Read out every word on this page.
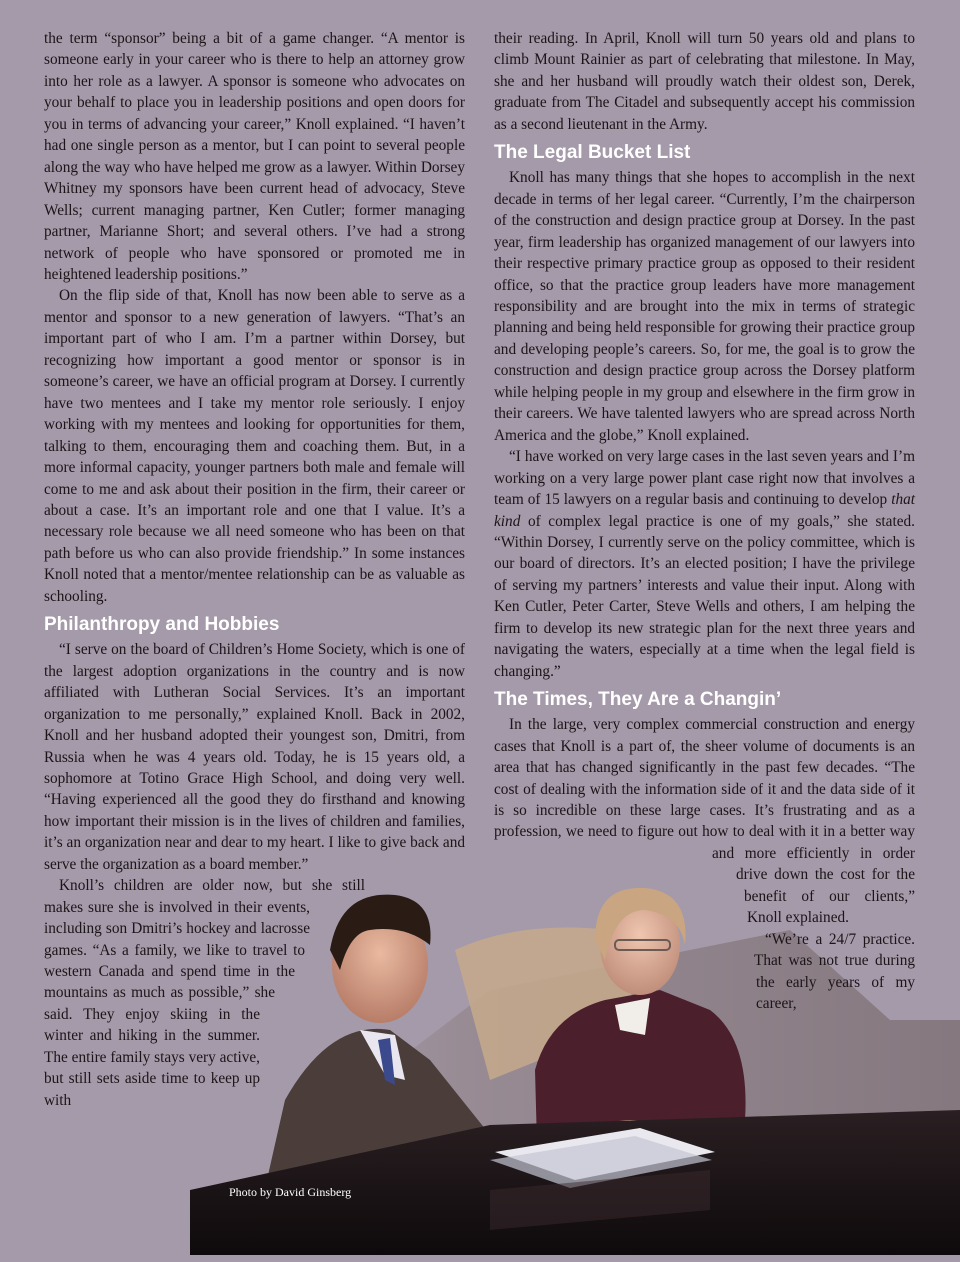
the term “sponsor” being a bit of a game changer. “A mentor is someone early in your career who is there to help an attorney grow into her role as a lawyer. A sponsor is someone who advocates on your behalf to place you in leadership positions and open doors for you in terms of advancing your career,” Knoll explained. “I haven’t had one single person as a mentor, but I can point to several people along the way who have helped me grow as a lawyer. Within Dorsey Whitney my sponsors have been current head of advocacy, Steve Wells; current managing partner, Ken Cutler; former managing partner, Marianne Short; and several others. I’ve had a strong network of people who have sponsored or promoted me in heightened leadership positions.”

On the flip side of that, Knoll has now been able to serve as a mentor and sponsor to a new generation of lawyers. “That’s an important part of who I am. I’m a partner within Dorsey, but recognizing how important a good mentor or sponsor is in someone’s career, we have an official program at Dorsey. I currently have two mentees and I take my mentor role seriously. I enjoy working with my mentees and looking for opportunities for them, talking to them, encouraging them and coaching them. But, in a more informal capacity, younger partners both male and female will come to me and ask about their position in the firm, their career or about a case. It’s an important role and one that I value. It’s a necessary role because we all need someone who has been on that path before us who can also provide friendship.” In some instances Knoll noted that a mentor/mentee relationship can be as valuable as schooling.

Philanthropy and Hobbies

“I serve on the board of Children’s Home Society, which is one of the largest adoption organizations in the country and is now affiliated with Lutheran Social Services. It’s an important organization to me personally,” explained Knoll. Back in 2002, Knoll and her husband adopted their youngest son, Dmitri, from Russia when he was 4 years old. Today, he is 15 years old, a sophomore at Totino Grace High School, and doing very well. “Having experienced all the good they do firsthand and knowing how important their mission is in the lives of children and families, it’s an organization near and dear to my heart. I like to give back and serve the organization as a board member.”

Knoll’s children are older now, but she still makes sure she is involved in their events, including son Dmitri’s hockey and lacrosse games. “As a family, we like to travel to western Canada and spend time in the mountains as much as possible,” she said. They enjoy skiing in the winter and hiking in the summer. The entire family stays very active, but still sets aside time to keep up with

their reading. In April, Knoll will turn 50 years old and plans to climb Mount Rainier as part of celebrating that milestone. In May, she and her husband will proudly watch their oldest son, Derek, graduate from The Citadel and subsequently accept his commission as a second lieutenant in the Army.

The Legal Bucket List

Knoll has many things that she hopes to accomplish in the next decade in terms of her legal career. “Currently, I’m the chairperson of the construction and design practice group at Dorsey. In the past year, firm leadership has organized management of our lawyers into their respective primary practice group as opposed to their resident office, so that the practice group leaders have more management responsibility and are brought into the mix in terms of strategic planning and being held responsible for growing their practice group and developing people’s careers. So, for me, the goal is to grow the construction and design practice group across the Dorsey platform while helping people in my group and elsewhere in the firm grow in their careers. We have talented lawyers who are spread across North America and the globe,” Knoll explained.

“I have worked on very large cases in the last seven years and I’m working on a very large power plant case right now that involves a team of 15 lawyers on a regular basis and continuing to develop that kind of complex legal practice is one of my goals,” she stated. “Within Dorsey, I currently serve on the policy committee, which is our board of directors. It’s an elected position; I have the privilege of serving my partners’ interests and value their input. Along with Ken Cutler, Peter Carter, Steve Wells and others, I am helping the firm to develop its new strategic plan for the next three years and navigating the waters, especially at a time when the legal field is changing.”

The Times, They Are a Changin’

In the large, very complex commercial construction and energy cases that Knoll is a part of, the sheer volume of documents is an area that has changed significantly in the past few decades. “The cost of dealing with the information side of it and the data side of it is so incredible on these large cases. It’s frustrating and as a profession, we need to figure out how to deal with it in a better way and more efficiently in order drive down the cost for the benefit of our clients,” Knoll explained.

“We’re a 24/7 practice. That was not true during the early years of my career,

Photo by David Ginsberg
